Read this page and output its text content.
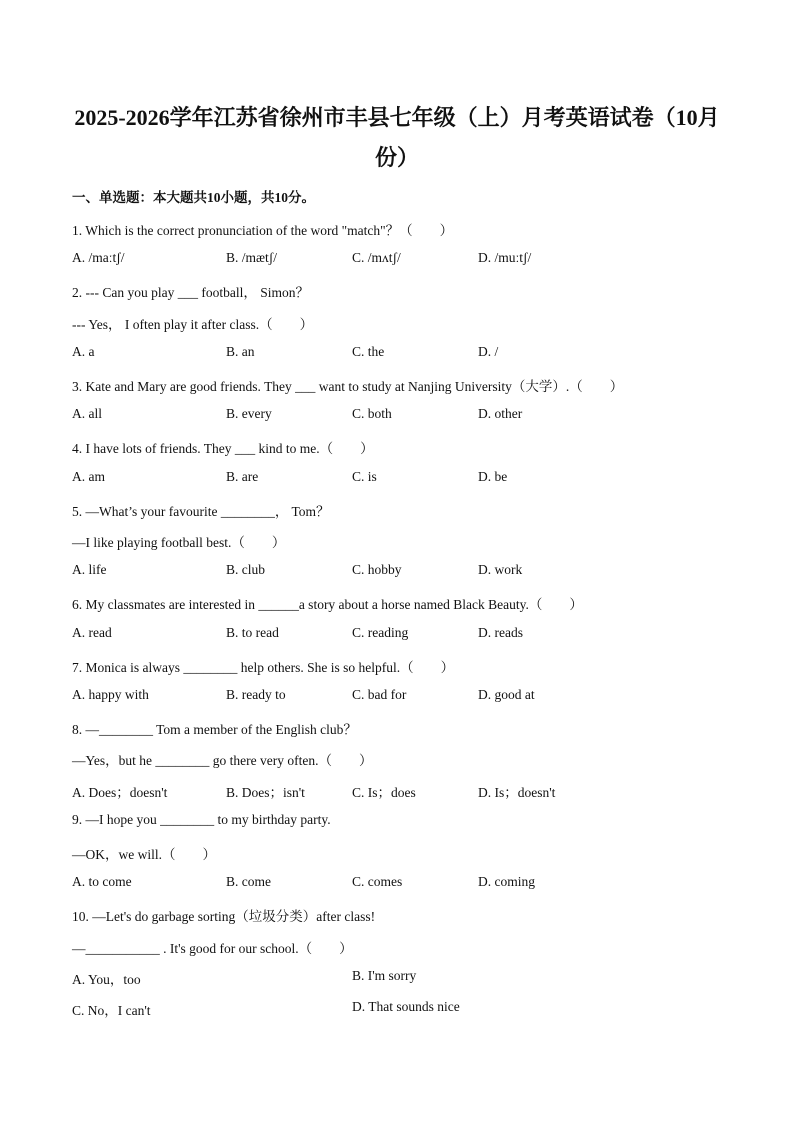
2025-2026学年江苏省徐州市丰县七年级（上）月考英语试卷（10月
份）
一、单选题：本大题共10小题，共10分。
1. Which is the correct pronunciation of the word "match"？（　　）
A. /maːtʃ/	B. /mætʃ/	C. /mʌtʃ/	D. /muːtʃ/
2. --- Can you play ___ football， Simon？
--- Yes， I often play it after class.（　　）
A. a	B. an	C. the	D. /
3. Kate and Mary are good friends. They ___ want to study at Nanjing University（大学）.（　　）
A. all	B. every	C. both	D. other
4. I have lots of friends. They ___ kind to me.（　　）
A. am	B. are	C. is	D. be
5. —What’s your favourite ________， Tom？
—I like playing football best.（　　）
A. life	B. club	C. hobby	D. work
6. My classmates are interested in ______a story about a horse named Black Beauty.（　　）
A. read	B. to read	C. reading	D. reads
7. Monica is always ________ help others. She is so helpful.（　　）
A. happy with	B. ready to	C. bad for	D. good at
8. —________ Tom a member of the English club？
—Yes，but he ________ go there very often.（　　）
A. Does；doesn't	B. Does；isn't	C. Is；does	D. Is；doesn't
9. —I hope you ________ to my birthday party.
—OK，we will.（　　）
A. to come	B. come	C. comes	D. coming
10. —Let's do garbage sorting（垃圾分类）after class!
—___________ . It's good for our school.（　　）
A. You，too	B. I'm sorry
C. No，I can't	D. That sounds nice
